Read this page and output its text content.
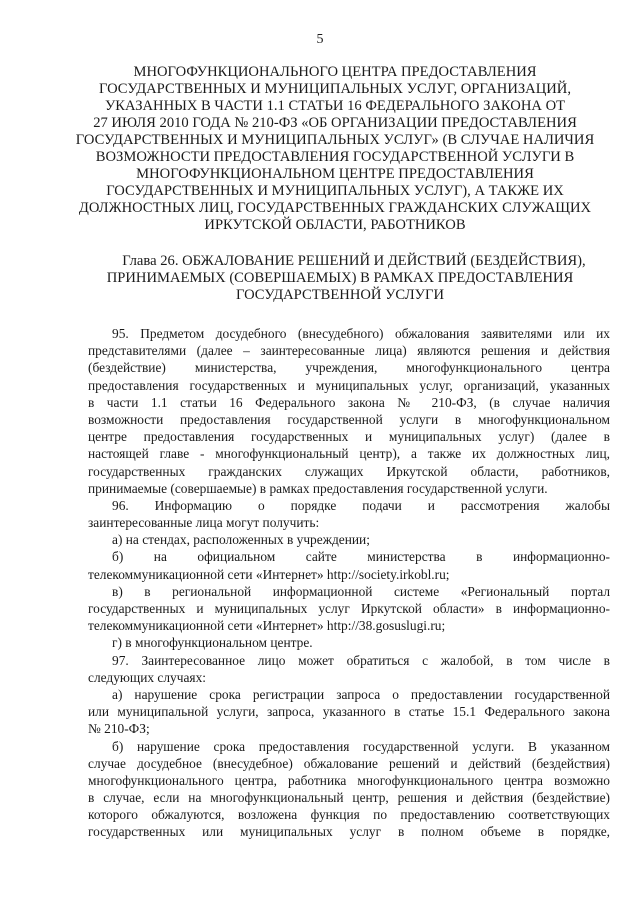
5
МНОГОФУНКЦИОНАЛЬНОГО ЦЕНТРА ПРЕДОСТАВЛЕНИЯ
ГОСУДАРСТВЕННЫХ И МУНИЦИПАЛЬНЫХ УСЛУГ, ОРГАНИЗАЦИЙ,
УКАЗАННЫХ В ЧАСТИ 1.1 СТАТЬИ 16 ФЕДЕРАЛЬНОГО ЗАКОНА ОТ
27 ИЮЛЯ 2010 ГОДА № 210-ФЗ «ОБ ОРГАНИЗАЦИИ ПРЕДОСТАВЛЕНИЯ
ГОСУДАРСТВЕННЫХ И МУНИЦИПАЛЬНЫХ УСЛУГ» (В СЛУЧАЕ НАЛИЧИЯ
ВОЗМОЖНОСТИ ПРЕДОСТАВЛЕНИЯ ГОСУДАРСТВЕННОЙ УСЛУГИ В
МНОГОФУНКЦИОНАЛЬНОМ ЦЕНТРЕ ПРЕДОСТАВЛЕНИЯ
ГОСУДАРСТВЕННЫХ И МУНИЦИПАЛЬНЫХ УСЛУГ), А ТАКЖЕ ИХ
ДОЛЖНОСТНЫХ ЛИЦ, ГОСУДАРСТВЕННЫХ ГРАЖДАНСКИХ СЛУЖАЩИХ
ИРКУТСКОЙ ОБЛАСТИ, РАБОТНИКОВ
Глава 26. ОБЖАЛОВАНИЕ РЕШЕНИЙ И ДЕЙСТВИЙ (БЕЗДЕЙСТВИЯ),
ПРИНИМАЕМЫХ (СОВЕРШАЕМЫХ) В РАМКАХ ПРЕДОСТАВЛЕНИЯ
ГОСУДАРСТВЕННОЙ УСЛУГИ
95. Предметом досудебного (внесудебного) обжалования заявителями или их
представителями (далее – заинтересованные лица) являются решения и действия
(бездействие) министерства, учреждения, многофункционального центра
предоставления государственных и муниципальных услуг, организаций, указанных
в части 1.1 статьи 16 Федерального закона № 210-ФЗ, (в случае наличия
возможности предоставления государственной услуги в многофункциональном
центре предоставления государственных и муниципальных услуг) (далее в
настоящей главе - многофункциональный центр), а также их должностных лиц,
государственных гражданских служащих Иркутской области, работников,
принимаемые (совершаемые) в рамках предоставления государственной услуги.
96. Информацию о порядке подачи и рассмотрения жалобы
заинтересованные лица могут получить:
а) на стендах, расположенных в учреждении;
б) на официальном сайте министерства в информационно-
телекоммуникационной сети «Интернет» http://society.irkobl.ru;
в) в региональной информационной системе «Региональный портал
государственных и муниципальных услуг Иркутской области» в информационно-
телекоммуникационной сети «Интернет» http://38.gosuslugi.ru;
г) в многофункциональном центре.
97. Заинтересованное лицо может обратиться с жалобой, в том числе в
следующих случаях:
а) нарушение срока регистрации запроса о предоставлении государственной
или муниципальной услуги, запроса, указанного в статье 15.1 Федерального закона
№ 210-ФЗ;
б) нарушение срока предоставления государственной услуги. В указанном
случае досудебное (внесудебное) обжалование решений и действий (бездействия)
многофункционального центра, работника многофункционального центра возможно
в случае, если на многофункциональный центр, решения и действия (бездействие)
которого обжалуются, возложена функция по предоставлению соответствующих
государственных или муниципальных услуг в полном объеме в порядке,
